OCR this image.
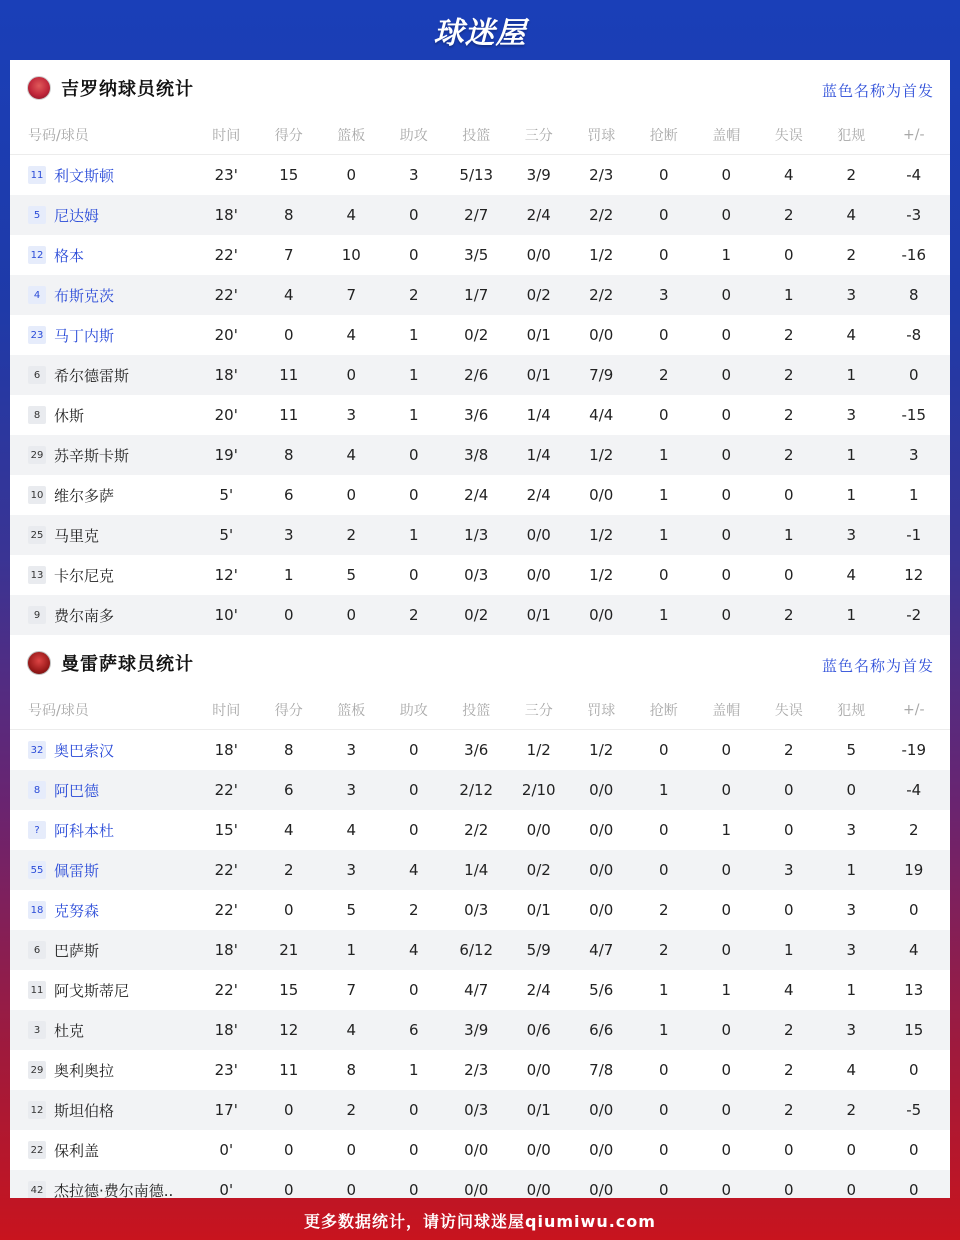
球迷屋
吉罗纳球员统计	蓝色名称为首发
号码/球员	时间	得分	篮板	助攻	投篮	三分	罚球	抢断	盖帽	失误	犯规	+/-
11 利文斯顿	23'	15	0	3	5/13	3/9	2/3	0	0	4	2	-4
5 尼达姆	18'	8	4	0	2/7	2/4	2/2	0	0	2	4	-3
12 格本	22'	7	10	0	3/5	0/0	1/2	0	1	0	2	-16
4 布斯克茨	22'	4	7	2	1/7	0/2	2/2	3	0	1	3	8
23 马丁内斯	20'	0	4	1	0/2	0/1	0/0	0	0	2	4	-8
6 希尔德雷斯	18'	11	0	1	2/6	0/1	7/9	2	0	2	1	0
8 休斯	20'	11	3	1	3/6	1/4	4/4	0	0	2	3	-15
29 苏辛斯卡斯	19'	8	4	0	3/8	1/4	1/2	1	0	2	1	3
10 维尔多萨	5'	6	0	0	2/4	2/4	0/0	1	0	0	1	1
25 马里克	5'	3	2	1	1/3	0/0	1/2	1	0	1	3	-1
13 卡尔尼克	12'	1	5	0	0/3	0/0	1/2	0	0	0	4	12
9 费尔南多	10'	0	0	2	0/2	0/1	0/0	1	0	2	1	-2
曼雷萨球员统计	蓝色名称为首发
号码/球员	时间	得分	篮板	助攻	投篮	三分	罚球	抢断	盖帽	失误	犯规	+/-
32 奥巴索汉	18'	8	3	0	3/6	1/2	1/2	0	0	2	5	-19
8 阿巴德	22'	6	3	0	2/12	2/10	0/0	1	0	0	0	-4
? 阿科本杜	15'	4	4	0	2/2	0/0	0/0	0	1	0	3	2
55 佩雷斯	22'	2	3	4	1/4	0/2	0/0	0	0	3	1	19
18 克努森	22'	0	5	2	0/3	0/1	0/0	2	0	0	3	0
6 巴萨斯	18'	21	1	4	6/12	5/9	4/7	2	0	1	3	4
11 阿戈斯蒂尼	22'	15	7	0	4/7	2/4	5/6	1	1	4	1	13
3 杜克	18'	12	4	6	3/9	0/6	6/6	1	0	2	3	15
29 奥利奥拉	23'	11	8	1	2/3	0/0	7/8	0	0	2	4	0
12 斯坦伯格	17'	0	2	0	0/3	0/1	0/0	0	0	2	2	-5
22 保利盖	0'	0	0	0	0/0	0/0	0/0	0	0	0	0	0
42 杰拉德·费尔南德..	0'	0	0	0	0/0	0/0	0/0	0	0	0	0	0
更多数据统计，请访问球迷屋qiumiwu.com
